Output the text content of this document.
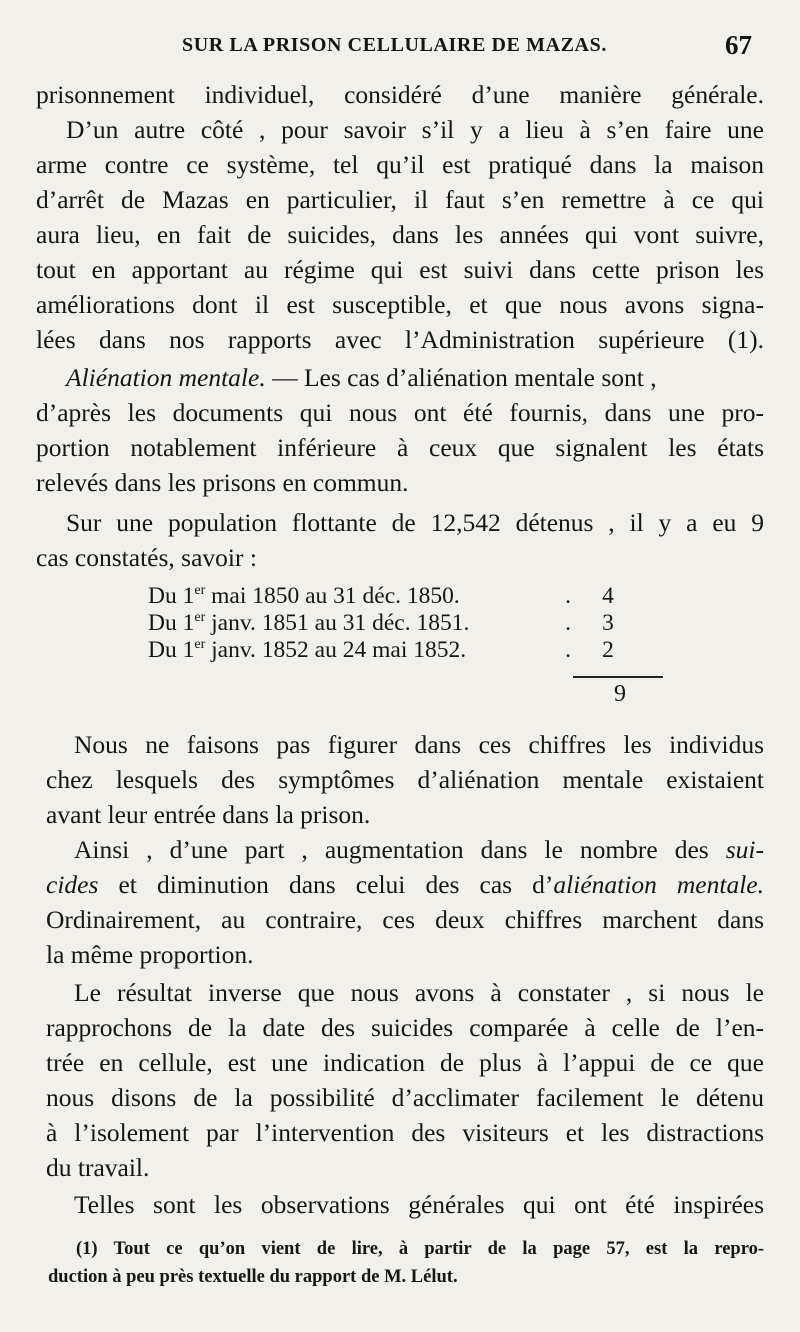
SUR LA PRISON CELLULAIRE DE MAZAS.	67
prisonnement individuel, considéré d’une manière générale.
D’un autre côté , pour savoir s’il y a lieu à s’en faire une
arme contre ce système, tel qu’il est pratiqué dans la maison
d’arrêt de Mazas en particulier, il faut s’en remettre à ce qui
aura lieu, en fait de suicides, dans les années qui vont suivre,
tout en apportant au régime qui est suivi dans cette prison les
améliorations dont il est susceptible, et que nous avons signa-
lées dans nos rapports avec l’Administration supérieure (1).
Aliénation mentale. — Les cas d’aliénation mentale sont ,
d’après les documents qui nous ont été fournis, dans une pro-
portion notablement inférieure à ceux que signalent les états
relevés dans les prisons en commun.
Sur une population flottante de 12,542 détenus , il y a eu 9
cas constatés, savoir :
Du 1er mai 1850 au 31 déc. 1850.	. 4
Du 1er janv. 1851 au 31 déc. 1851.	. 3
Du 1er janv. 1852 au 24 mai 1852.	. 2
9
Nous ne faisons pas figurer dans ces chiffres les individus
chez lesquels des symptômes d’aliénation mentale existaient
avant leur entrée dans la prison.
Ainsi , d’une part , augmentation dans le nombre des sui-
cides et diminution dans celui des cas d’aliénation mentale.
Ordinairement, au contraire, ces deux chiffres marchent dans
la même proportion.
Le résultat inverse que nous avons à constater , si nous le
rapprochons de la date des suicides comparée à celle de l’en-
trée en cellule, est une indication de plus à l’appui de ce que
nous disons de la possibilité d’acclimater facilement le détenu
à l’isolement par l’intervention des visiteurs et les distractions
du travail.
Telles sont les observations générales qui ont été inspirées
(1) Tout ce qu’on vient de lire, à partir de la page 57, est la repro-
duction à peu près textuelle du rapport de M. Lélut.
